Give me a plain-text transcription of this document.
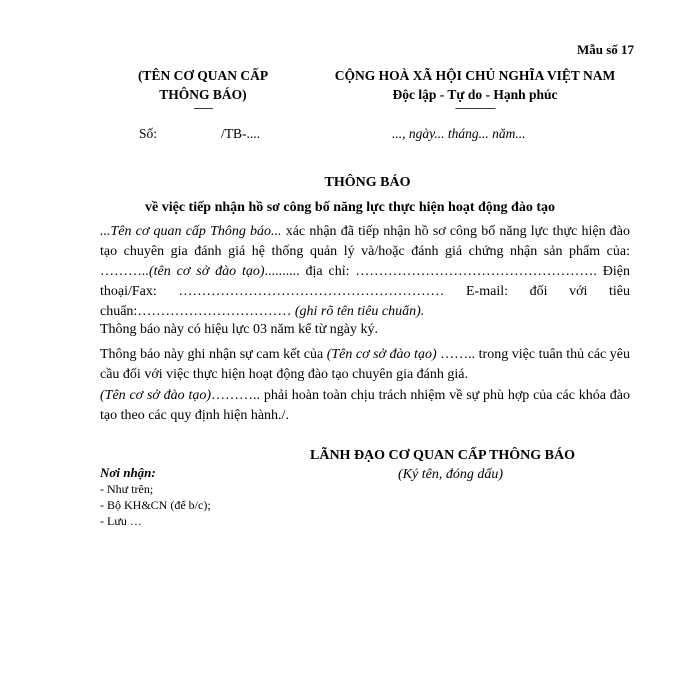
Mẫu số 17
(TÊN CƠ QUAN CẤP
THÔNG BÁO)
-------
CỘNG HOÀ XÃ HỘI CHỦ NGHĨA VIỆT NAM
Độc lập - Tự do - Hạnh phúc
---------------
Số:	/TB-....	..., ngày... tháng... năm...
THÔNG BÁO
về việc tiếp nhận hồ sơ công bố năng lực thực hiện hoạt động đào tạo
...Tên cơ quan cấp Thông báo... xác nhận đã tiếp nhận hồ sơ công bố năng lực thực hiện đào tạo chuyên gia đánh giá hệ thống quản lý và/hoặc đánh giá chứng nhận sản phẩm của: ………..(tên cơ sở đào tạo).......... địa chỉ: ……………………………………………. Điện thoại/Fax: ………………………………………………… E-mail: đối với tiêu chuẩn:…………………………… (ghi rõ tên tiêu chuẩn).
Thông báo này có hiệu lực 03 năm kể từ ngày ký.
Thông báo này ghi nhận sự cam kết của (Tên cơ sở đào tạo) …….. trong việc tuân thủ các yêu cầu đối với việc thực hiện hoạt động đào tạo chuyên gia đánh giá.
(Tên cơ sở đào tạo)……….. phải hoàn toàn chịu trách nhiệm về sự phù hợp của các khóa đào tạo theo các quy định hiện hành./.
LÃNH ĐẠO CƠ QUAN CẤP THÔNG BÁO
(Ký tên, đóng dấu)
Nơi nhận:
- Như trên;
- Bộ KH&CN (để b/c);
- Lưu …
